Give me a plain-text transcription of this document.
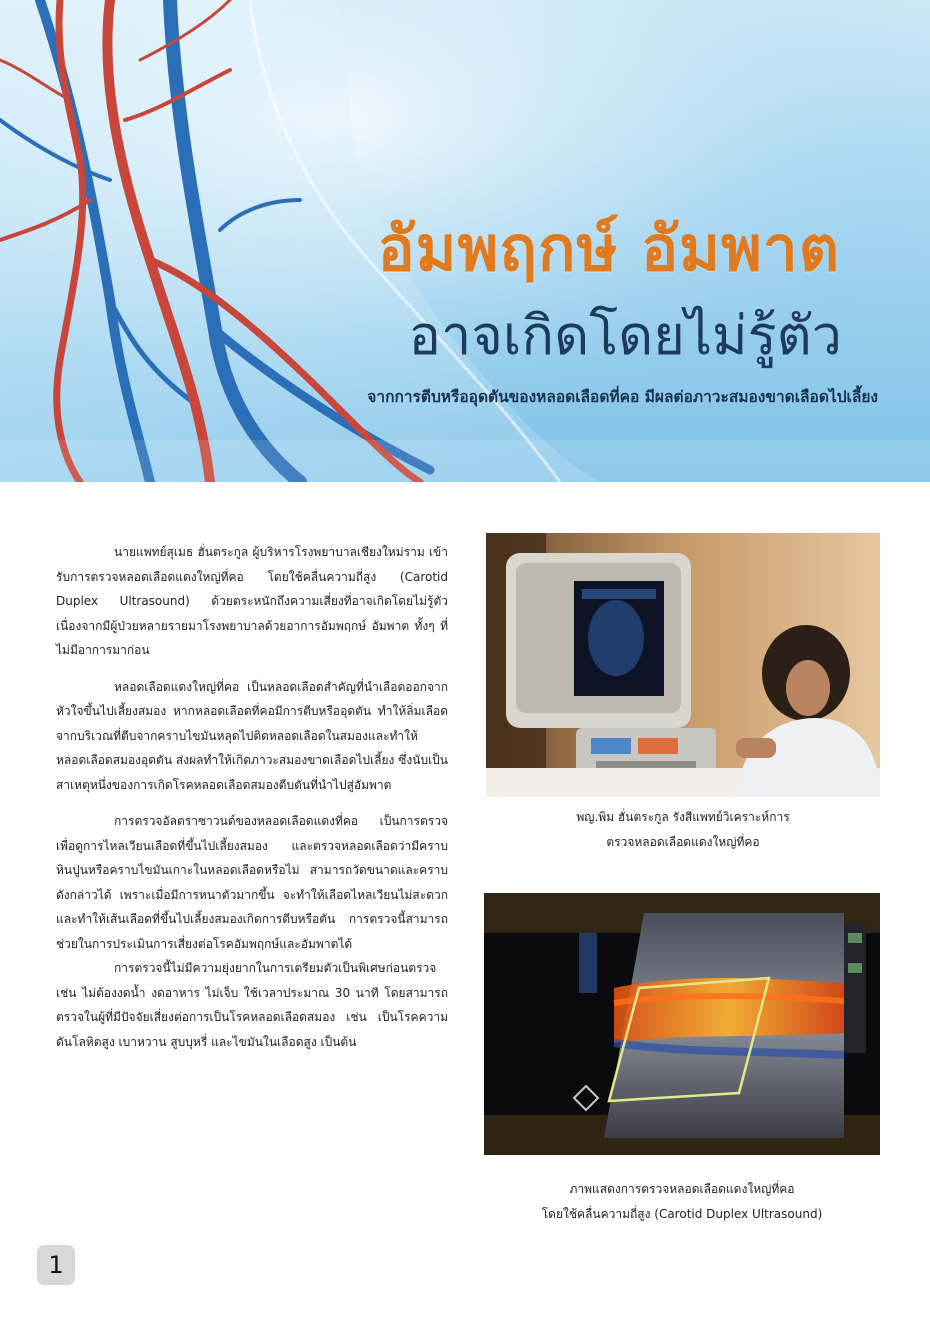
อัมพฤกษ์ อัมพาต
อาจเกิดโดยไม่รู้ตัว
จากการตีบหรืออุดตันของหลอดเลือดที่คอ มีผลต่อภาวะสมองขาดเลือดไปเลี้ยง

นายแพทย์สุเมธ ฮั่นตระกูล ผู้บริหารโรงพยาบาลเชียงใหม่ราม เข้ารับการตรวจหลอดเลือดแดงใหญ่ที่คอ โดยใช้คลื่นความถี่สูง (Carotid Duplex Ultrasound) ด้วยตระหนักถึงความเสี่ยงที่อาจเกิดโดยไม่รู้ตัว เนื่องจากมีผู้ป่วยหลายรายมาโรงพยาบาลด้วยอาการอัมพฤกษ์ อัมพาต ทั้งๆ ที่ไม่มีอาการมาก่อน

หลอดเลือดแดงใหญ่ที่คอ เป็นหลอดเลือดสำคัญที่นำเลือดออกจากหัวใจขึ้นไปเลี้ยงสมอง หากหลอดเลือดที่คอมีการตีบหรืออุดตัน ทำให้ลิ่มเลือดจากบริเวณที่ตีบจากคราบไขมันหลุดไปติดหลอดเลือดในสมองและทำให้หลอดเลือดสมองอุดตัน ส่งผลทำให้เกิดภาวะสมองขาดเลือดไปเลี้ยง ซึ่งนับเป็นสาเหตุหนึ่งของการเกิดโรคหลอดเลือดสมองตีบตันที่นำไปสู่อัมพาต

การตรวจอัลตราซาวนด์ของหลอดเลือดแดงที่คอ เป็นการตรวจเพื่อดูการไหลเวียนเลือดที่ขึ้นไปเลี้ยงสมอง และตรวจหลอดเลือดว่ามีคราบหินปูนหรือคราบไขมันเกาะในหลอดเลือดหรือไม่ สามารถวัดขนาดและคราบดังกล่าวได้ เพราะเมื่อมีการหนาตัวมากขึ้น จะทำให้เลือดไหลเวียนไม่สะดวกและทำให้เส้นเลือดที่ขึ้นไปเลี้ยงสมองเกิดการตีบหรือตัน การตรวจนี้สามารถช่วยในการประเมินการเสี่ยงต่อโรคอัมพฤกษ์และอัมพาตได้

การตรวจนี้ไม่มีความยุ่งยากในการเตรียมตัวเป็นพิเศษก่อนตรวจ เช่น ไม่ต้องงดน้ำ งดอาหาร ไม่เจ็บ ใช้เวลาประมาณ 30 นาที โดยสามารถตรวจในผู้ที่มีปัจจัยเสี่ยงต่อการเป็นโรคหลอดเลือดสมอง เช่น เป็นโรคความดันโลหิตสูง เบาหวาน สูบบุหรี่ และไขมันในเลือดสูง เป็นต้น

พญ.พิม ฮั่นตระกูล รังสีแพทย์วิเคราะห์การ
ตรวจหลอดเลือดแดงใหญ่ที่คอ
ภาพแสดงการตรวจหลอดเลือดแดงใหญ่ที่คอ
โดยใช้คลื่นความถี่สูง (Carotid Duplex Ultrasound)
1
